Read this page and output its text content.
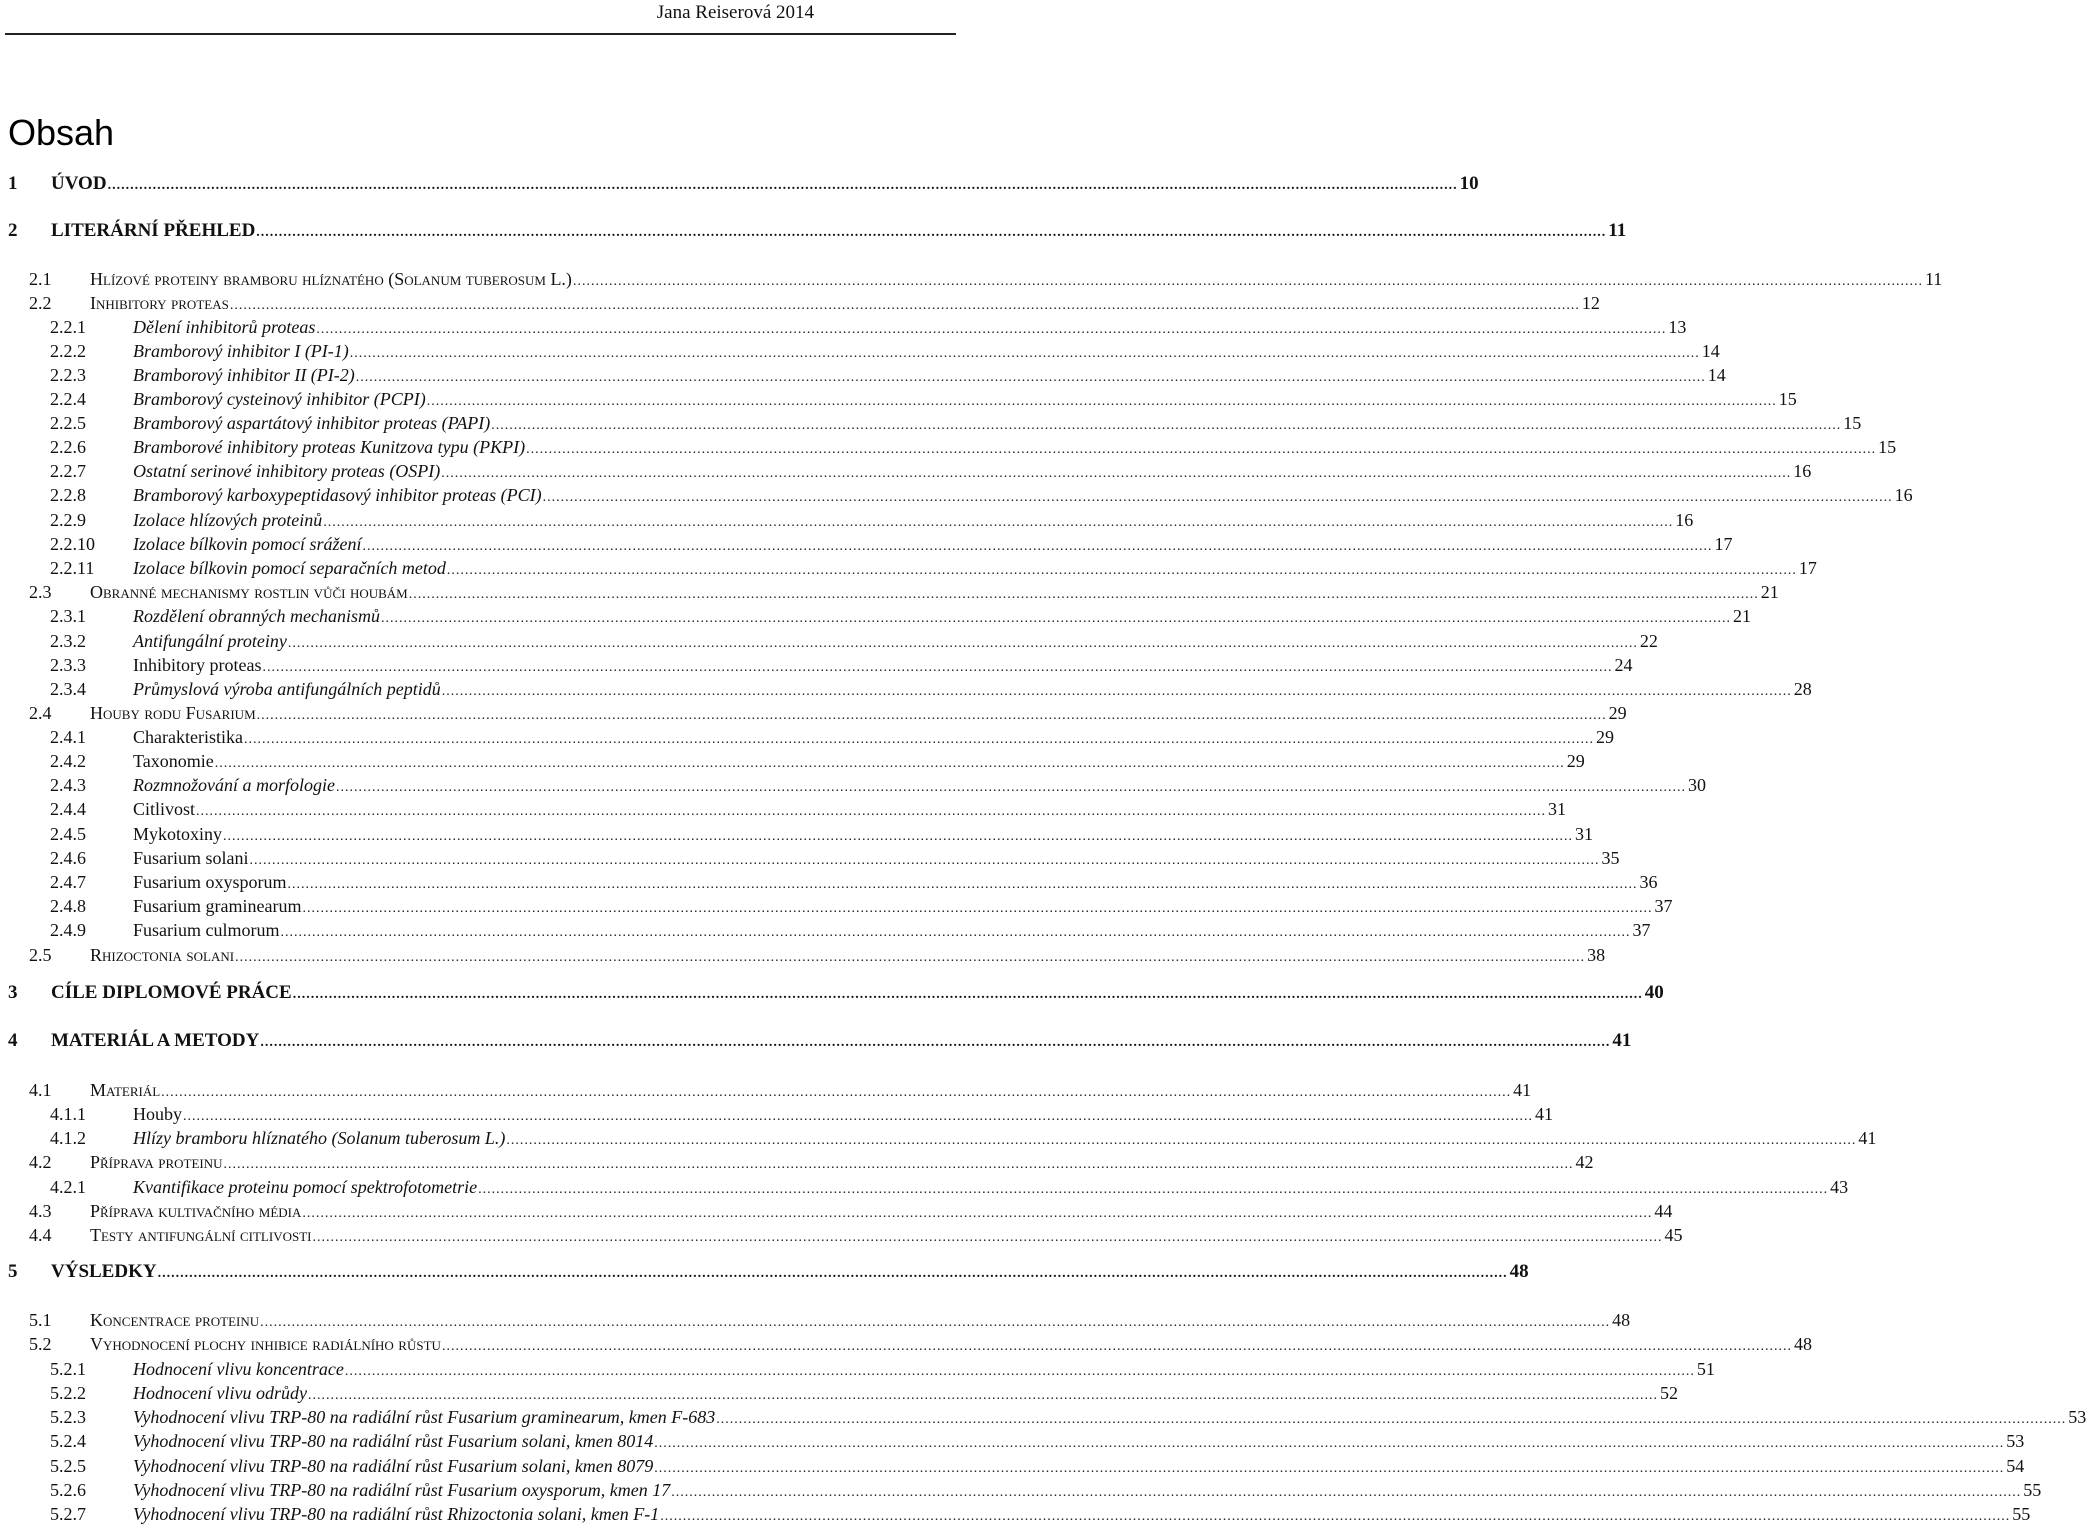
Jana Reiserová 2014
Obsah
1 ÚVOD ............................................................................................................................................................................................................................................................................................................ 10
2 LITERÁRNÍ PŘEHLED ............................................................................................................................................................................................................................................................................................................ 11
2.1 Hlízové proteiny bramboru hlíznatého (Solanum tuberosum L.) ............................................................................................................................................................................................................................................................................................................ 11
2.2 Inhibitory proteas ............................................................................................................................................................................................................................................................................................................ 12
2.2.1	Dělení inhibitorů proteas ............................................................................................................................................................................................................................................................................................................ 13
2.2.2	Bramborový inhibitor I (PI-1) ............................................................................................................................................................................................................................................................................................................ 14
2.2.3	Bramborový inhibitor II (PI-2) ............................................................................................................................................................................................................................................................................................................ 14
2.2.4	Bramborový cysteinový inhibitor (PCPI) ............................................................................................................................................................................................................................................................................................................ 15
2.2.5	Bramborový aspartátový inhibitor proteas (PAPI) ............................................................................................................................................................................................................................................................................................................ 15
2.2.6	Bramborové inhibitory proteas Kunitzova typu (PKPI) ............................................................................................................................................................................................................................................................................................................ 15
2.2.7	Ostatní serinové inhibitory proteas (OSPI) ............................................................................................................................................................................................................................................................................................................ 16
2.2.8	Bramborový karboxypeptidasový inhibitor proteas (PCI) ............................................................................................................................................................................................................................................................................................................ 16
2.2.9	Izolace hlízových proteinů ............................................................................................................................................................................................................................................................................................................ 16
2.2.10 Izolace bílkovin pomocí srážení ............................................................................................................................................................................................................................................................................................................ 17
2.2.11 Izolace bílkovin pomocí separačních metod ............................................................................................................................................................................................................................................................................................................ 17
2.3 Obranné mechanismy rostlin vůči houbám ............................................................................................................................................................................................................................................................................................................ 21
2.3.1	Rozdělení obranných mechanismů ............................................................................................................................................................................................................................................................................................................ 21
2.3.2	Antifungální proteiny ............................................................................................................................................................................................................................................................................................................ 22
2.3.3	Inhibitory proteas ............................................................................................................................................................................................................................................................................................................ 24
2.3.4	Průmyslová výroba antifungálních peptidů ............................................................................................................................................................................................................................................................................................................ 28
2.4 Houby rodu Fusarium ............................................................................................................................................................................................................................................................................................................ 29
2.4.1	Charakteristika ............................................................................................................................................................................................................................................................................................................ 29
2.4.2	Taxonomie ............................................................................................................................................................................................................................................................................................................ 29
2.4.3	Rozmnožování a morfologie ............................................................................................................................................................................................................................................................................................................ 30
2.4.4	Citlivost ............................................................................................................................................................................................................................................................................................................ 31
2.4.5	Mykotoxiny ............................................................................................................................................................................................................................................................................................................ 31
2.4.6	Fusarium solani ............................................................................................................................................................................................................................................................................................................ 35
2.4.7	Fusarium oxysporum ............................................................................................................................................................................................................................................................................................................ 36
2.4.8	Fusarium graminearum ............................................................................................................................................................................................................................................................................................................ 37
2.4.9	Fusarium culmorum ............................................................................................................................................................................................................................................................................................................ 37
2.5 Rhizoctonia solani ............................................................................................................................................................................................................................................................................................................ 38
3 CÍLE DIPLOMOVÉ PRÁCE ............................................................................................................................................................................................................................................................................................................ 40
4 MATERIÁL A METODY ............................................................................................................................................................................................................................................................................................................ 41
4.1 Materiál ............................................................................................................................................................................................................................................................................................................ 41
4.1.1	Houby ............................................................................................................................................................................................................................................................................................................ 41
4.1.2	Hlízy bramboru hlíznatého (Solanum tuberosum L.) ............................................................................................................................................................................................................................................................................................................ 41
4.2 Příprava proteinu ............................................................................................................................................................................................................................................................................................................ 42
4.2.1	Kvantifikace proteinu pomocí spektrofotometrie ............................................................................................................................................................................................................................................................................................................ 43
4.3 Příprava kultivačního média ............................................................................................................................................................................................................................................................................................................ 44
4.4 Testy antifungální citlivosti ............................................................................................................................................................................................................................................................................................................ 45
5 VÝSLEDKY ............................................................................................................................................................................................................................................................................................................ 48
5.1 Koncentrace proteinu ............................................................................................................................................................................................................................................................................................................ 48
5.2 Vyhodnocení plochy inhibice radiálního růstu ............................................................................................................................................................................................................................................................................................................ 48
5.2.1	Hodnocení vlivu koncentrace ............................................................................................................................................................................................................................................................................................................ 51
5.2.2	Hodnocení vlivu odrůdy ............................................................................................................................................................................................................................................................................................................ 52
5.2.3	Vyhodnocení vlivu TRP-80 na radiální růst Fusarium graminearum, kmen F-683 ............................................................................................................................................................................................................................................................................................................ 53
5.2.4	Vyhodnocení vlivu TRP-80 na radiální růst Fusarium solani, kmen 8014 ............................................................................................................................................................................................................................................................................................................ 53
5.2.5	Vyhodnocení vlivu TRP-80 na radiální růst Fusarium solani, kmen 8079 ............................................................................................................................................................................................................................................................................................................ 54
5.2.6	Vyhodnocení vlivu TRP-80 na radiální růst Fusarium oxysporum, kmen 17 ............................................................................................................................................................................................................................................................................................................ 55
5.2.7	Vyhodnocení vlivu TRP-80 na radiální růst Rhizoctonia solani, kmen F-1 ............................................................................................................................................................................................................................................................................................................ 55
